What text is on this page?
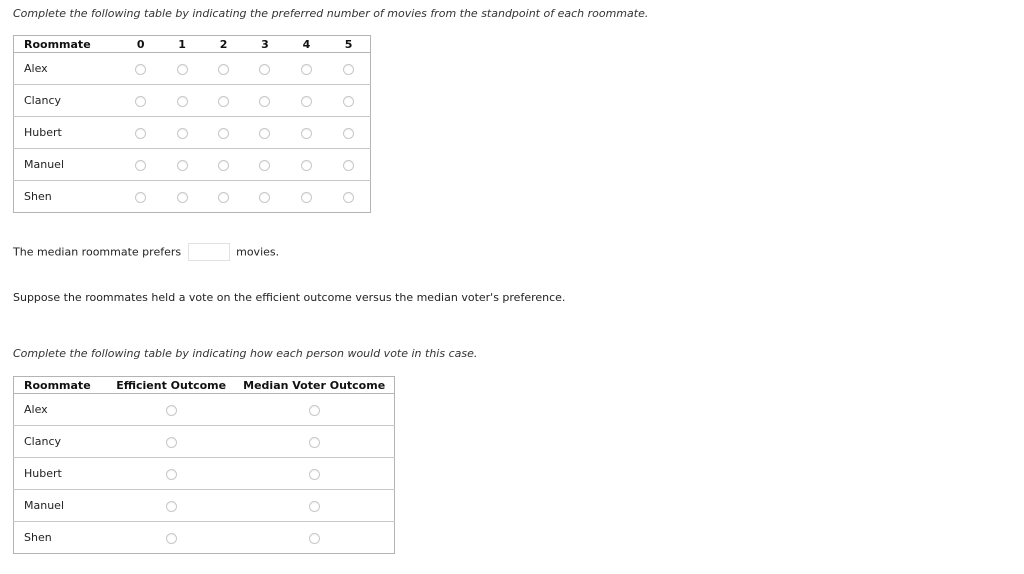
Complete the following table by indicating the preferred number of movies from the standpoint of each roommate.
Roommate	0	1	2	3	4	5
Alex						
Clancy						
Hubert						
Manuel						
Shen						
The median roommate prefers	movies.
Suppose the roommates held a vote on the efficient outcome versus the median voter's preference.
Complete the following table by indicating how each person would vote in this case.
Roommate	Efficient Outcome	Median Voter Outcome
Alex		
Clancy		
Hubert		
Manuel		
Shen		
